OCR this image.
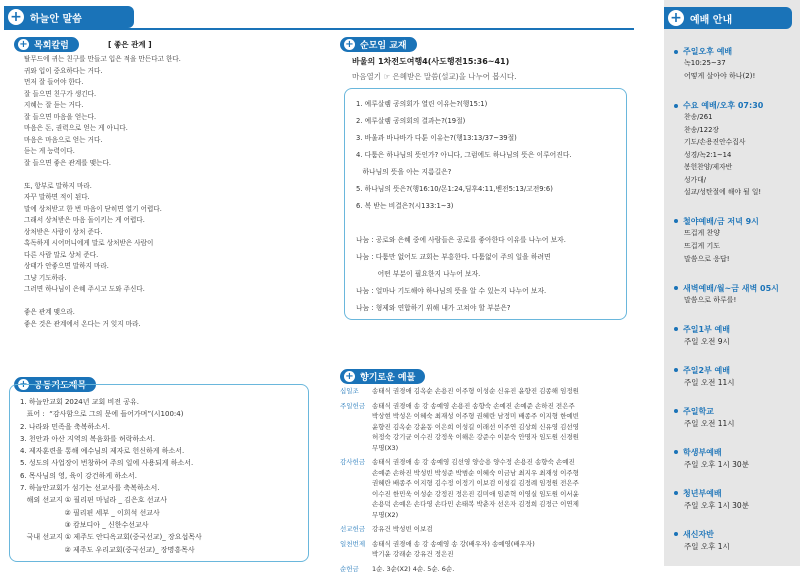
+ 하늘안 말씀
+ 목회칼럼	[ 좋은 관계 ]

탈무드에 귀는 친구를 만들고 입은 적을 만든다고 한다.

귀와 입이 중요하다는 거다.

먼저 잘 들어야 한다.

잘 들으면 친구가 생긴다.

지혜는 잘 듣는 거다.

잘 들으면 마음을 얻는다.

마음은 돈, 권력으로 얻는 게 아니다.

마음은 마음으로 얻는 거다.

듣는 게 능력이다.

잘 들으면 좋은 관계를 맺는다.

또, 항부로 말하지 마라.

자꾸 말하면 적이 된다.

말에 상처받고 한 번 마음이 닫히면 열기 어렵다.

그래서 상처받은 마음 돌이키는 게 어렵다.

상처받은 사람이 상처 준다.

혹독하게 시어머니에게 말로 상처받은 사람이

다른 사람 말로 상처 준다.

상태가 안좋으면 말하지 마라.

그냥 기도하라.

그러면 하나님이 은혜 주시고 도와 주신다.

좋은 관계 맺으라.

좋은 것은 관계에서 온다는 거 잊지 마라.

+ 공동기도제목

1. 하늘안교회 2024년 교회 비전 공유.

표어 :  “감사함으로 그의 문에 들어가며”(시100:4)

2. 나라와 민족을 축복하소서.

3. 천안과 아산 지역의 복음화를 허락하소서.

4. 제자훈련을 통해 예수님의 제자로 헌신하게 하소서.

5. 성도의 사업장이 번창하여 주의 일에 사용되게 하소서.

6. 목사님의 영, 육이 강건하게 하소서.

7. 하늘안교회가 섬기는 선교사를 축복하소서.

해외 선교지 ① 필리핀 마닐라 _ 김은호 선교사

② 필리핀 세부 _ 이희석 선교사

③ 캄보디아 _ 신한수선교사

국내 선교지 ① 제주도 안디옥교회(중국선교)_ 장요섭목사

② 제주도 우리교회(중국선교)_ 장명흥목사

+ 순모임 교재
바울의 1차전도여행4(사도행전15:36~41)
마음열기 ☞ 은혜받은 말씀(설교)을 나누어 봅시다.

1. 예루살렘 공의회가 열린 이유는?(행15:1)

2. 예루살렘 공의회의 결과는?(19절)

3. 바울과 바나바가 다툰 이유는?(행13:13/37~39절)

4. 다툼은 하나님의 뜻인가? 아니다, 그럼에도 하나님의 뜻은 이루어진다.

하나님의 뜻을 아는 지름길은?

5. 하나님의 뜻은?(행16:10/몬1:24,딤후4:11,벧전5:13/고전9:6)

6. 복 받는 비결은?(시133:1~3)

나눔 : 공로와 은혜 중에 사람들은 공로를 좋아한다 이유를 나누어 보자.

나눔 : 다툼만 없어도 교회는 부흥한다. 다툼없이 주의 일을 하려면

어떤 부분이 필요한지 나누어 보자.

나눔 : 얼마나 기도해야 하나님의 뜻을 알 수 있는지 나누어 보자.

나눔 : 형제와 연합하기 위해 내가 고쳐야 할 부분은?

+ 향기로운 예물
십일조	송태식 권경애 김옥순 손용진 이주형 이성순 신유진 윤향진 김종해 임정원
주일헌금	송태식 권경애 송 강 송예영 손용진 송향숙 손예진 손예준 손하진 전은주
박상현 박성은 이혜숙 최재성 이주형 권혜란 남정미 배종주 이지형 한예빈
윤향진 김옥순 강윤동 이은희 이성길 이래선 이주연 김상희 신유영 김선영
허정숙 강기균 이수진 강정욱 이해은 강준수 이문숙 안명자 임도원 신경원
무명(X3)
감사헌금	송태식 권경애 송 강 송예영 김선영 양승용 양수정 손용진 송향숙 손예진
손예준 손하진 박성빈 박성준 박범순 이혜숙 이금남 최지우 최재성 이주형
권혜란 배종주 이지형 김수정 이정기 이보검 이성길 김정례 임정원 전은주
이수진 한민욱 이성순 강정진 정은진 김미애 임준혁 이영실 임도원 이서윤
손용덕 손예은 손다영 손다민 손태복 박춘자 선은자 김정희 김정근 이연제
무명(X2)
선교헌금	강유건 박성빈 이보검
일천번제	송태식 권경애 송 강 송예영 송 강(배우자) 송예영(배우자)
박기윤 강래순 강유건 정은진
순헌금	1순. 3순(X2) 4순. 5순. 6순.
+ 예배 안내
주일오후 예배
녹10:25~37
어떻게 살아야 하나(2)!
수요 예배/오후 07:30
찬송/261
찬송/122장
기도/손용진안수집사
성경/녹2:1~14
봉헌찬양/제자반
성가대/
설교/성탄절에 해야 될 일!
철야예배/금 저녁 9시
뜨겁게 찬양
뜨겁게 기도
말씀으로 응답!
새벽예배/월~금 새벽 05시
말씀으로 하루를!
주일1부 예배
주일 오전 9시
주일2부 예배
주일 오전 11시
주일학교
주일 오전 11시
학생부예배
주일 오후 1시 30분
청년부예배
주일 오후 1시 30분
새신자반
주일 오후 1시
